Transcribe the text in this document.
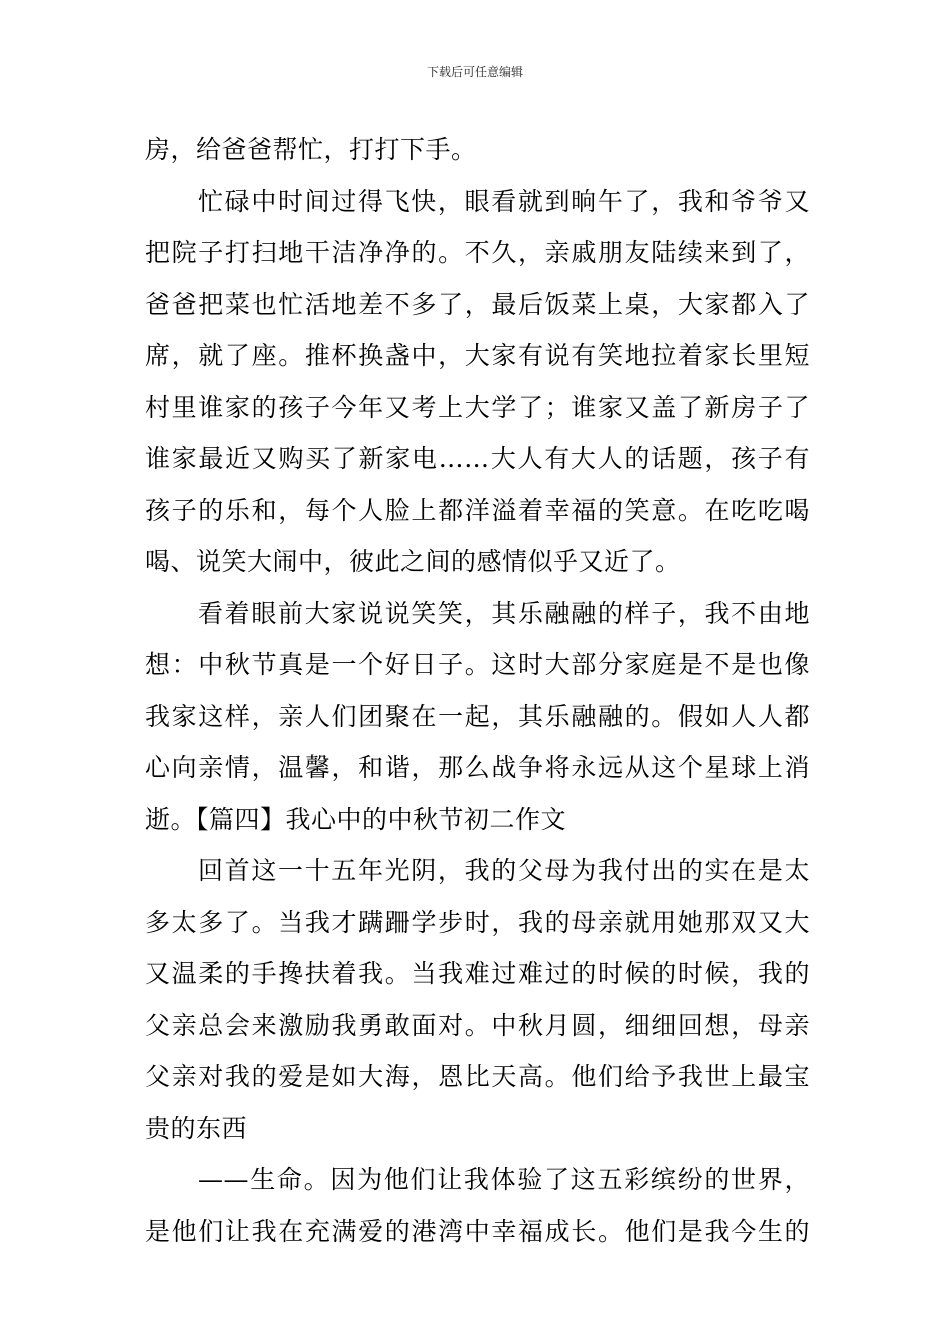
下载后可任意编辑
房，给爸爸帮忙，打打下手。
忙碌中时间过得飞快，眼看就到晌午了，我和爷爷又
把院子打扫地干洁净净的。不久，亲戚朋友陆续来到了，
爸爸把菜也忙活地差不多了，最后饭菜上桌，大家都入了
席，就了座。推杯换盏中，大家有说有笑地拉着家长里短
村里谁家的孩子今年又考上大学了；谁家又盖了新房子了
谁家最近又购买了新家电……大人有大人的话题，孩子有
孩子的乐和，每个人脸上都洋溢着幸福的笑意。在吃吃喝
喝、说笑大闹中，彼此之间的感情似乎又近了。
看着眼前大家说说笑笑，其乐融融的样子，我不由地
想：中秋节真是一个好日子。这时大部分家庭是不是也像
我家这样，亲人们团聚在一起，其乐融融的。假如人人都
心向亲情，温馨，和谐，那么战争将永远从这个星球上消
逝。【篇四】我心中的中秋节初二作文
回首这一十五年光阴，我的父母为我付出的实在是太
多太多了。当我才蹒跚学步时，我的母亲就用她那双又大
又温柔的手搀扶着我。当我难过难过的时候的时候，我的
父亲总会来激励我勇敢面对。中秋月圆，细细回想，母亲
父亲对我的爱是如大海，恩比天高。他们给予我世上最宝
贵的东西
——生命。因为他们让我体验了这五彩缤纷的世界，
是他们让我在充满爱的港湾中幸福成长。他们是我今生的
